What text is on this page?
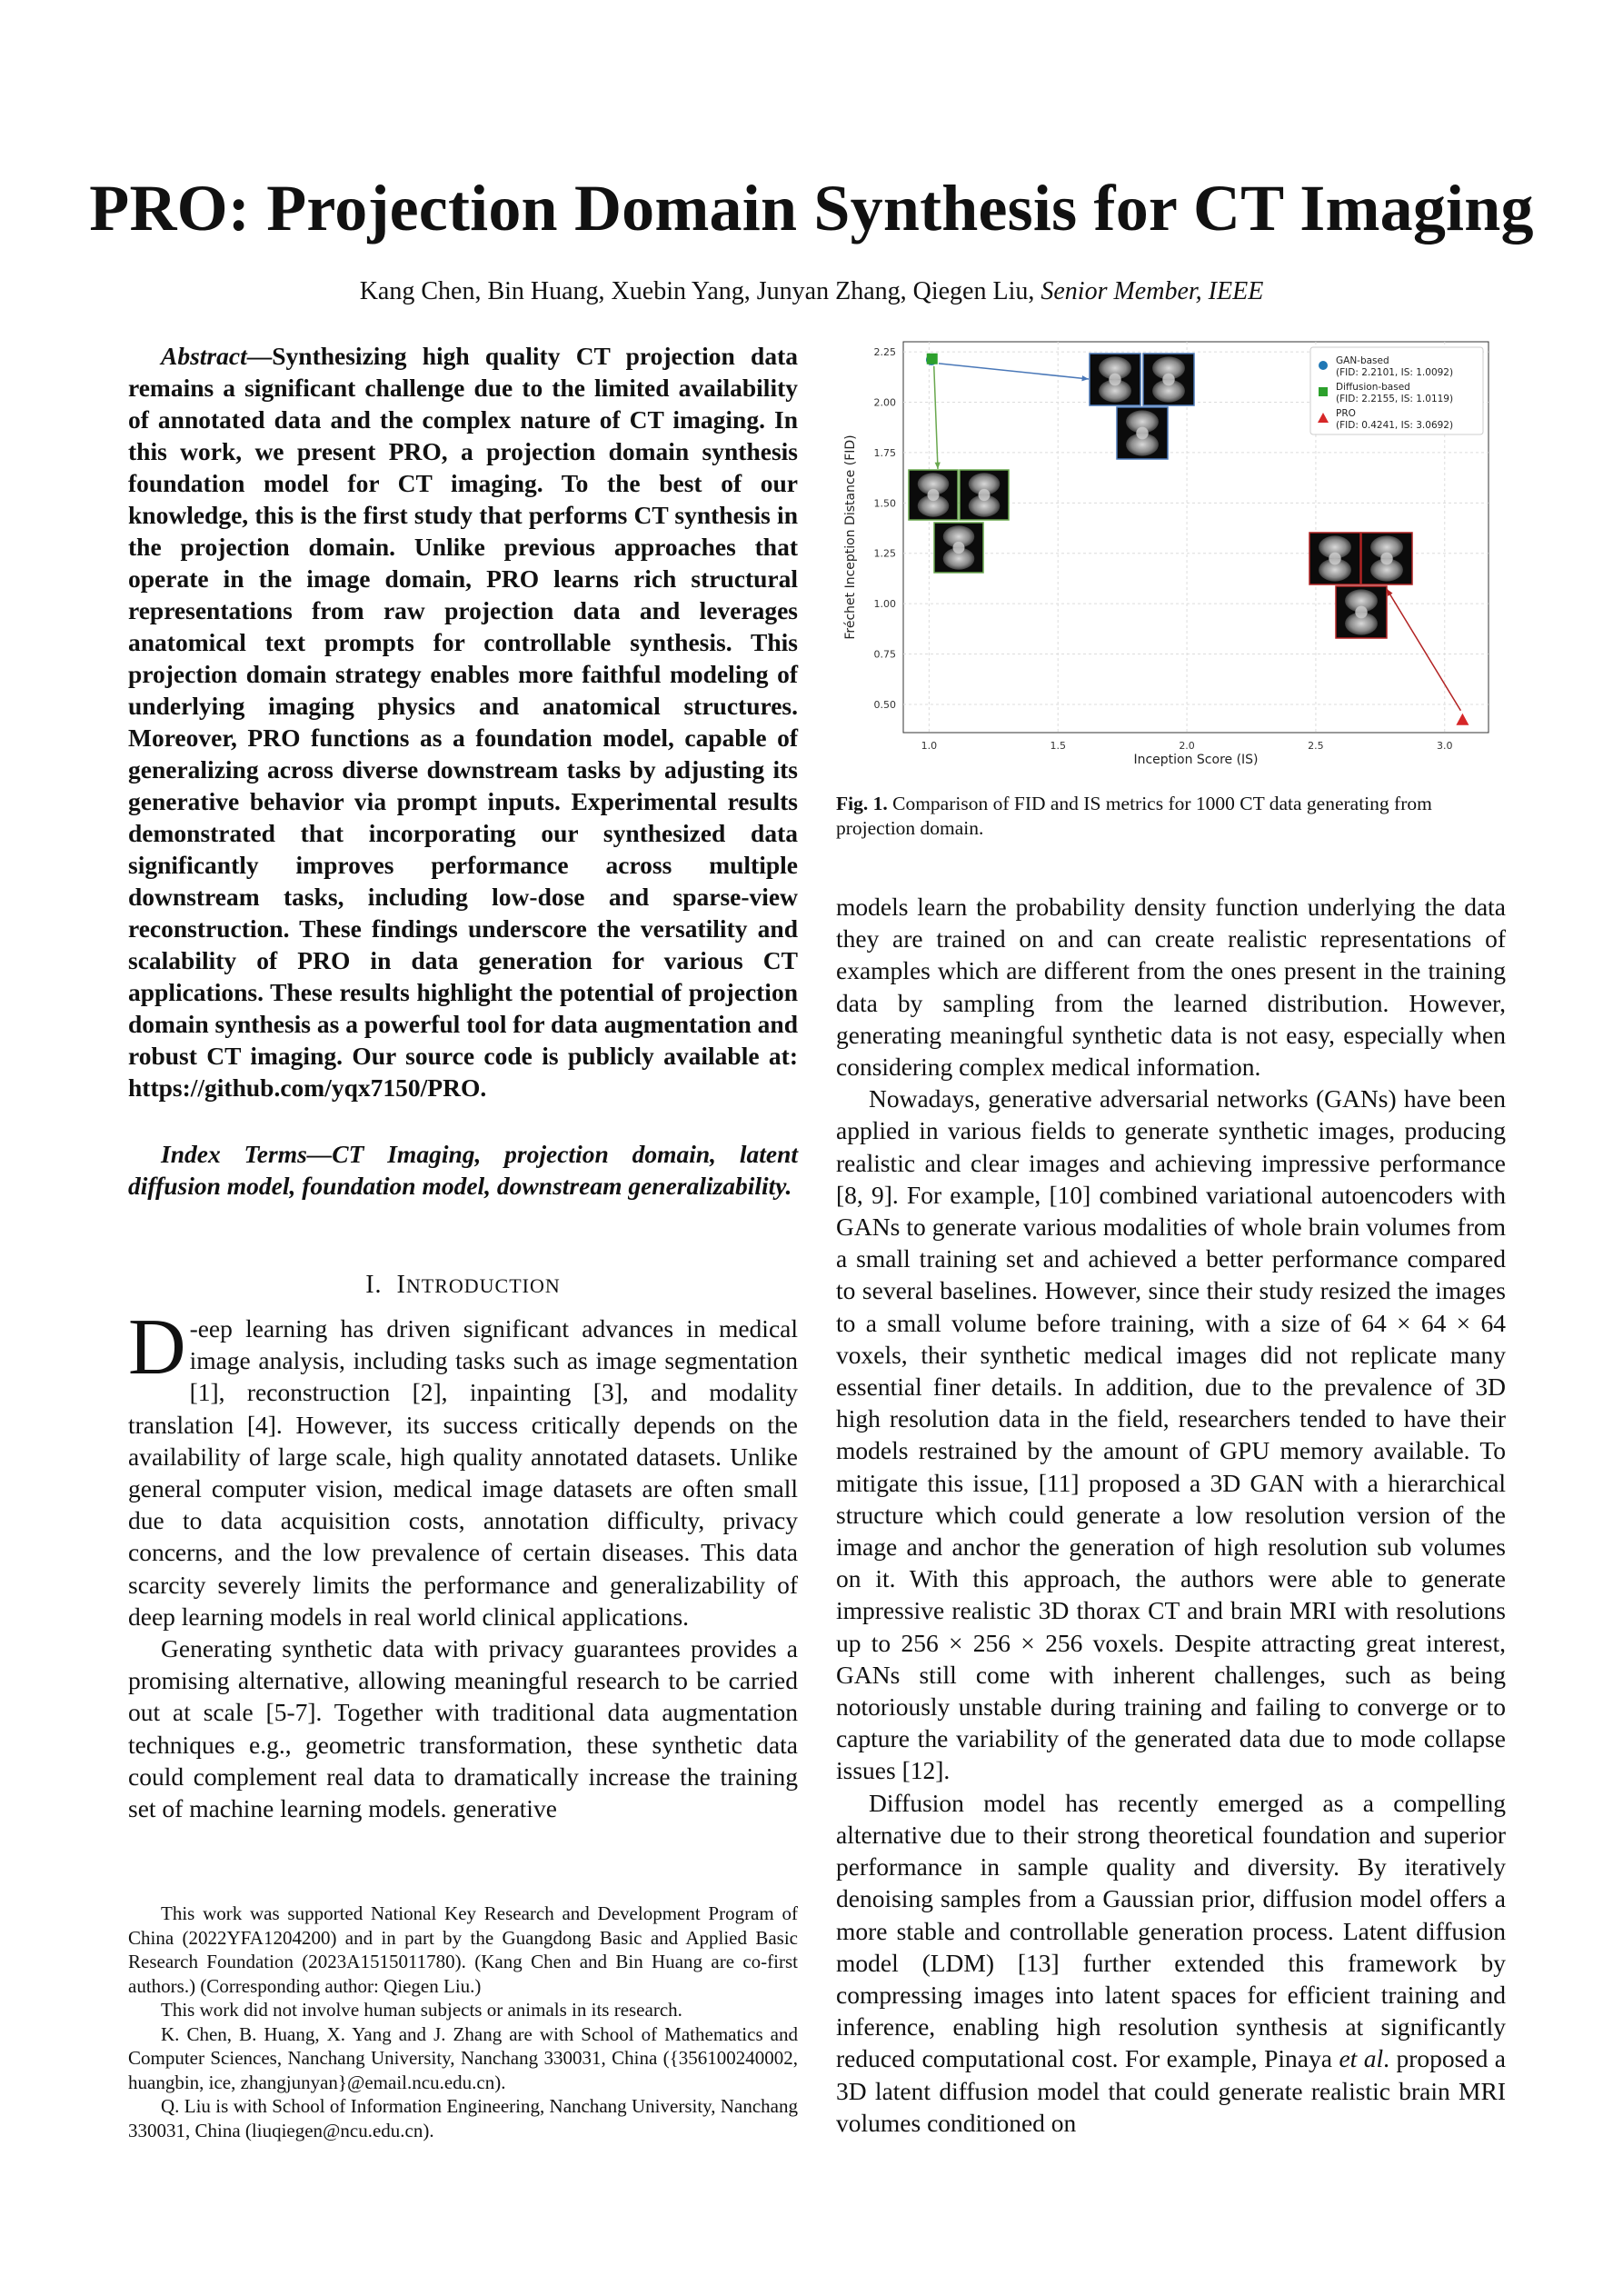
PRO: Projection Domain Synthesis for CT Imaging
Kang Chen, Bin Huang, Xuebin Yang, Junyan Zhang, Qiegen Liu, Senior Member, IEEE
Abstract—Synthesizing high quality CT projection data remains a significant challenge due to the limited availability of annotated data and the complex nature of CT imaging. In this work, we present PRO, a projection domain synthesis foundation model for CT imaging. To the best of our knowledge, this is the first study that performs CT synthesis in the projection domain. Unlike previous approaches that operate in the image domain, PRO learns rich structural representations from raw projection data and leverages anatomical text prompts for controllable synthesis. This projection domain strategy enables more faithful modeling of underlying imaging physics and anatomical structures. Moreover, PRO functions as a foundation model, capable of generalizing across diverse downstream tasks by adjusting its generative behavior via prompt inputs. Experimental results demonstrated that incorporating our synthesized data significantly improves performance across multiple downstream tasks, including low-dose and sparse-view reconstruction. These findings underscore the versatility and scalability of PRO in data generation for various CT applications. These results highlight the potential of projection domain synthesis as a powerful tool for data augmentation and robust CT imaging. Our source code is publicly available at: https://github.com/yqx7150/PRO.
Index Terms—CT Imaging, projection domain, latent diffusion model, foundation model, downstream generalizability.
I. INTRODUCTION

D -eep learning has driven significant advances in medical image analysis, including tasks such as image segmentation [1], reconstruction [2], inpainting [3], and modality translation [4]. However, its success critically depends on the availability of large scale, high quality annotated datasets. Unlike general computer vision, medical image datasets are often small due to data acquisition costs, annotation difficulty, privacy concerns, and the low prevalence of certain diseases. This data scarcity severely limits the performance and generalizability of deep learning models in real world clinical applications.

Generating synthetic data with privacy guarantees provides a promising alternative, allowing meaningful research to be carried out at scale [5-7]. Together with traditional data augmentation techniques e.g., geometric transformation, these synthetic data could complement real data to dramatically increase the training set of machine learning models. generative

This work was supported National Key Research and Development Program of China (2022YFA1204200) and in part by the Guangdong Basic and Applied Basic Research Foundation (2023A1515011780). (Kang Chen and Bin Huang are co-first authors.) (Corresponding author: Qiegen Liu.)

This work did not involve human subjects or animals in its research.

K. Chen, B. Huang, X. Yang and J. Zhang are with School of Mathematics and Computer Sciences, Nanchang University, Nanchang 330031, China ({356100240002, huangbin, ice, zhangjunyan}@email.ncu.edu.cn).

Q. Liu is with School of Information Engineering, Nanchang University, Nanchang 330031, China (liuqiegen@ncu.edu.cn).

1.0	1.5	2.0	2.5	3.0
0.50
0.75
1.00
1.25
1.50
1.75
2.00
2.25
Inception Score (IS)
Fréchet Inception Distance (FID)
GAN-based
(FID: 2.2101, IS: 1.0092)
Diffusion-based
(FID: 2.2155, IS: 1.0119)
PRO
(FID: 0.4241, IS: 3.0692)
Fig. 1. Comparison of FID and IS metrics for 1000 CT data generating from projection domain.

models learn the probability density function underlying the data they are trained on and can create realistic representations of examples which are different from the ones present in the training data by sampling from the learned distribution. However, generating meaningful synthetic data is not easy, especially when considering complex medical information.

Nowadays, generative adversarial networks (GANs) have been applied in various fields to generate synthetic images, producing realistic and clear images and achieving impressive performance [8, 9]. For example, [10] combined variational autoencoders with GANs to generate various modalities of whole brain volumes from a small training set and achieved a better performance compared to several baselines. However, since their study resized the images to a small volume before training, with a size of 64 × 64 × 64 voxels, their synthetic medical images did not replicate many essential finer details. In addition, due to the prevalence of 3D high resolution data in the field, researchers tended to have their models restrained by the amount of GPU memory available. To mitigate this issue, [11] proposed a 3D GAN with a hierarchical structure which could generate a low resolution version of the image and anchor the generation of high resolution sub volumes on it. With this approach, the authors were able to generate impressive realistic 3D thorax CT and brain MRI with resolutions up to 256 × 256 × 256 voxels. Despite attracting great interest, GANs still come with inherent challenges, such as being notoriously unstable during training and failing to converge or to capture the variability of the generated data due to mode collapse issues [12].

Diffusion model has recently emerged as a compelling alternative due to their strong theoretical foundation and superior performance in sample quality and diversity. By iteratively denoising samples from a Gaussian prior, diffusion model offers a more stable and controllable generation process. Latent diffusion model (LDM) [13] further extended this framework by compressing images into latent spaces for efficient training and inference, enabling high resolution synthesis at significantly reduced computational cost. For example, Pinaya et al. proposed a 3D latent diffusion model that could generate realistic brain MRI volumes conditioned on
